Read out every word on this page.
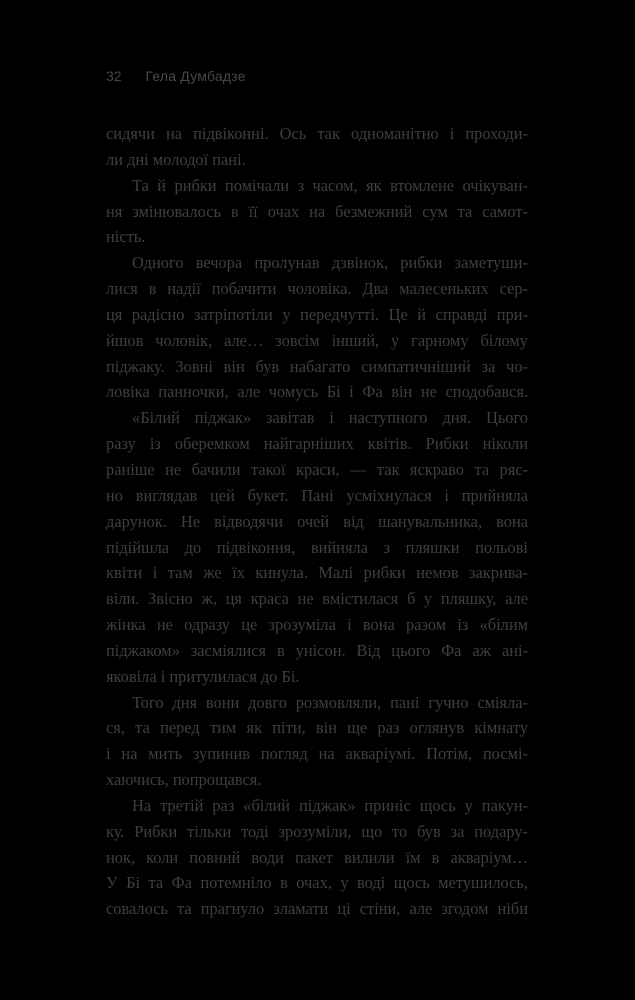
32 Гела Думбадзе

сидячи на підвіконні. Ось так одноманітно і проходи-

ли дні молодої пані.

Та й рибки помічали з часом, як втомлене очікуван-

ня змінювалось в її очах на безмежний сум та самот-

ність.

Одного вечора пролунав дзвінок, рибки заметуши-

лися в надії побачити чоловіка. Два малесеньких сер-

ця радісно затріпотіли у передчутті. Це й справді при-

йшов чоловік, але… зовсім інший, у гарному білому

піджаку. Зовні він був набагато симпатичніший за чо-

ловіка панночки, але чомусь Бі і Фа він не сподобався.

«Білий піджак» завітав і наступного дня. Цього

разу із оберемком найгарніших квітів. Рибки ніколи

раніше не бачили такої краси, — так яскраво та ряс-

но виглядав цей букет. Пані усміхнулася і прийняла

дарунок. Не відводячи очей від шанувальника, вона

підійшла до підвіконня, вийняла з пляшки польові

квіти і там же їх кинула. Малі рибки немов закрива-

віли. Звісно ж, ця краса не вмістилася б у пляшку, але

жінка не одразу це зрозуміла і вона разом із «білим

піджаком» засміялися в унісон. Від цього Фа аж ані-

яковіла і притулилася до Бі.

Того дня вони довго розмовляли, пані гучно сміяла-

ся, та перед тим як піти, він ще раз оглянув кімнату

і на мить зупинив погляд на акваріумі. Потім, посмі-

хаючись, попрощався.

На третій раз «білий піджак» приніс щось у пакун-

ку. Рибки тільки тоді зрозуміли, що то був за подару-

нок, коли повний води пакет вилили їм в акваріум…

У Бі та Фа потемніло в очах, у воді щось метушилось,

совалось та прагнуло зламати ці стіни, але згодом ніби
